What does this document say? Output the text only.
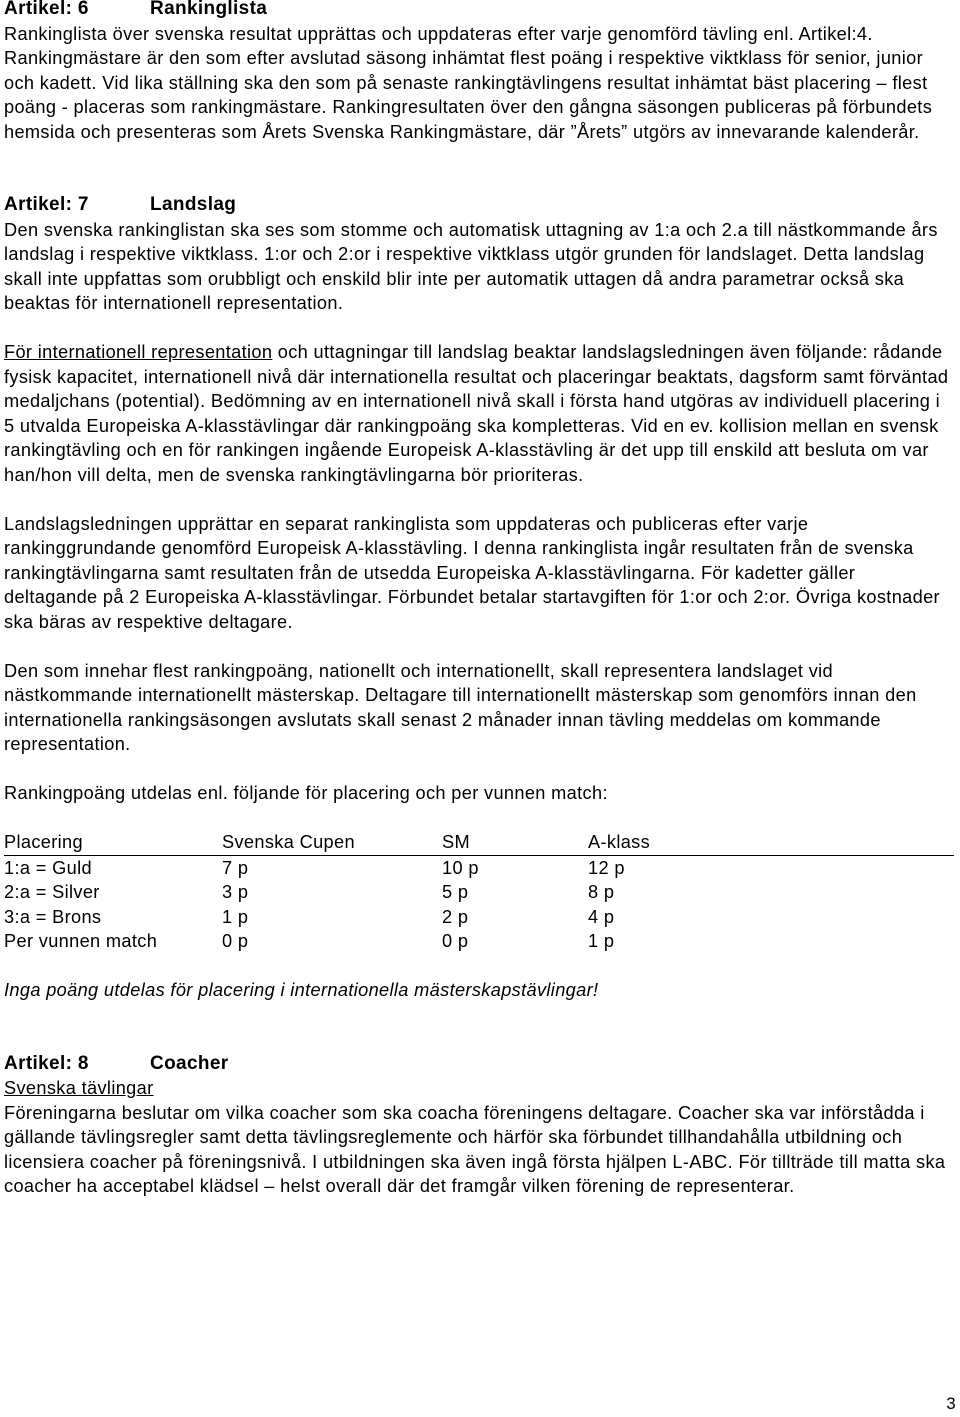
Artikel: 6	Rankinglista

Rankinglista över svenska resultat upprättas och uppdateras efter varje genomförd tävling enl. Artikel:4. Rankingmästare är den som efter avslutad säsong inhämtat flest poäng i respektive viktklass för senior, junior och kadett. Vid lika ställning ska den som på senaste rankingtävlingens resultat inhämtat bäst placering – flest poäng - placeras som rankingmästare. Rankingresultaten över den gångna säsongen publiceras på förbundets hemsida och presenteras som Årets Svenska Rankingmästare, där ”Årets” utgörs av innevarande kalenderår.

Artikel: 7	Landslag

Den svenska rankinglistan ska ses som stomme och automatisk uttagning av 1:a och 2.a till nästkommande års landslag i respektive viktklass. 1:or och 2:or i respektive viktklass utgör grunden för landslaget. Detta landslag skall inte uppfattas som orubbligt och enskild blir inte per automatik uttagen då andra parametrar också ska beaktas för internationell representation.

För internationell representation och uttagningar till landslag beaktar landslagsledningen även följande: rådande fysisk kapacitet, internationell nivå där internationella resultat och placeringar beaktats, dagsform samt förväntad medaljchans (potential). Bedömning av en internationell nivå skall i första hand utgöras av individuell placering i 5 utvalda Europeiska A-klasstävlingar där rankingpoäng ska kompletteras. Vid en ev. kollision mellan en svensk rankingtävling och en för rankingen ingående Europeisk A-klasstävling är det upp till enskild att besluta om var han/hon vill delta, men de svenska rankingtävlingarna bör prioriteras.

Landslagsledningen upprättar en separat rankinglista som uppdateras och publiceras efter varje rankinggrundande genomförd Europeisk A-klasstävling. I denna rankinglista ingår resultaten från de svenska rankingtävlingarna samt resultaten från de utsedda Europeiska A-klasstävlingarna. För kadetter gäller deltagande på 2 Europeiska A-klasstävlingar. Förbundet betalar startavgiften för 1:or och 2:or. Övriga kostnader ska bäras av respektive deltagare.

Den som innehar flest rankingpoäng, nationellt och internationellt, skall representera landslaget vid nästkommande internationellt mästerskap. Deltagare till internationellt mästerskap som genomförs innan den internationella rankingsäsongen avslutats skall senast 2 månader innan tävling meddelas om kommande representation.

Rankingpoäng utdelas enl. följande för placering och per vunnen match:

Placering	Svenska Cupen	SM	A-klass
1:a = Guld	7 p	10 p	12 p
2:a = Silver	3 p	5 p	8 p
3:a = Brons	1 p	2 p	4 p
Per vunnen match	0 p	0 p	1 p

Inga poäng utdelas för placering i internationella mästerskapstävlingar!

Artikel: 8	Coacher

Svenska tävlingar

Föreningarna beslutar om vilka coacher som ska coacha föreningens deltagare. Coacher ska var införstådda i gällande tävlingsregler samt detta tävlingsreglemente och härför ska förbundet tillhandahålla utbildning och licensiera coacher på föreningsnivå. I utbildningen ska även ingå första hjälpen L-ABC. För tillträde till matta ska coacher ha acceptabel klädsel – helst overall där det framgår vilken förening de representerar.

3
